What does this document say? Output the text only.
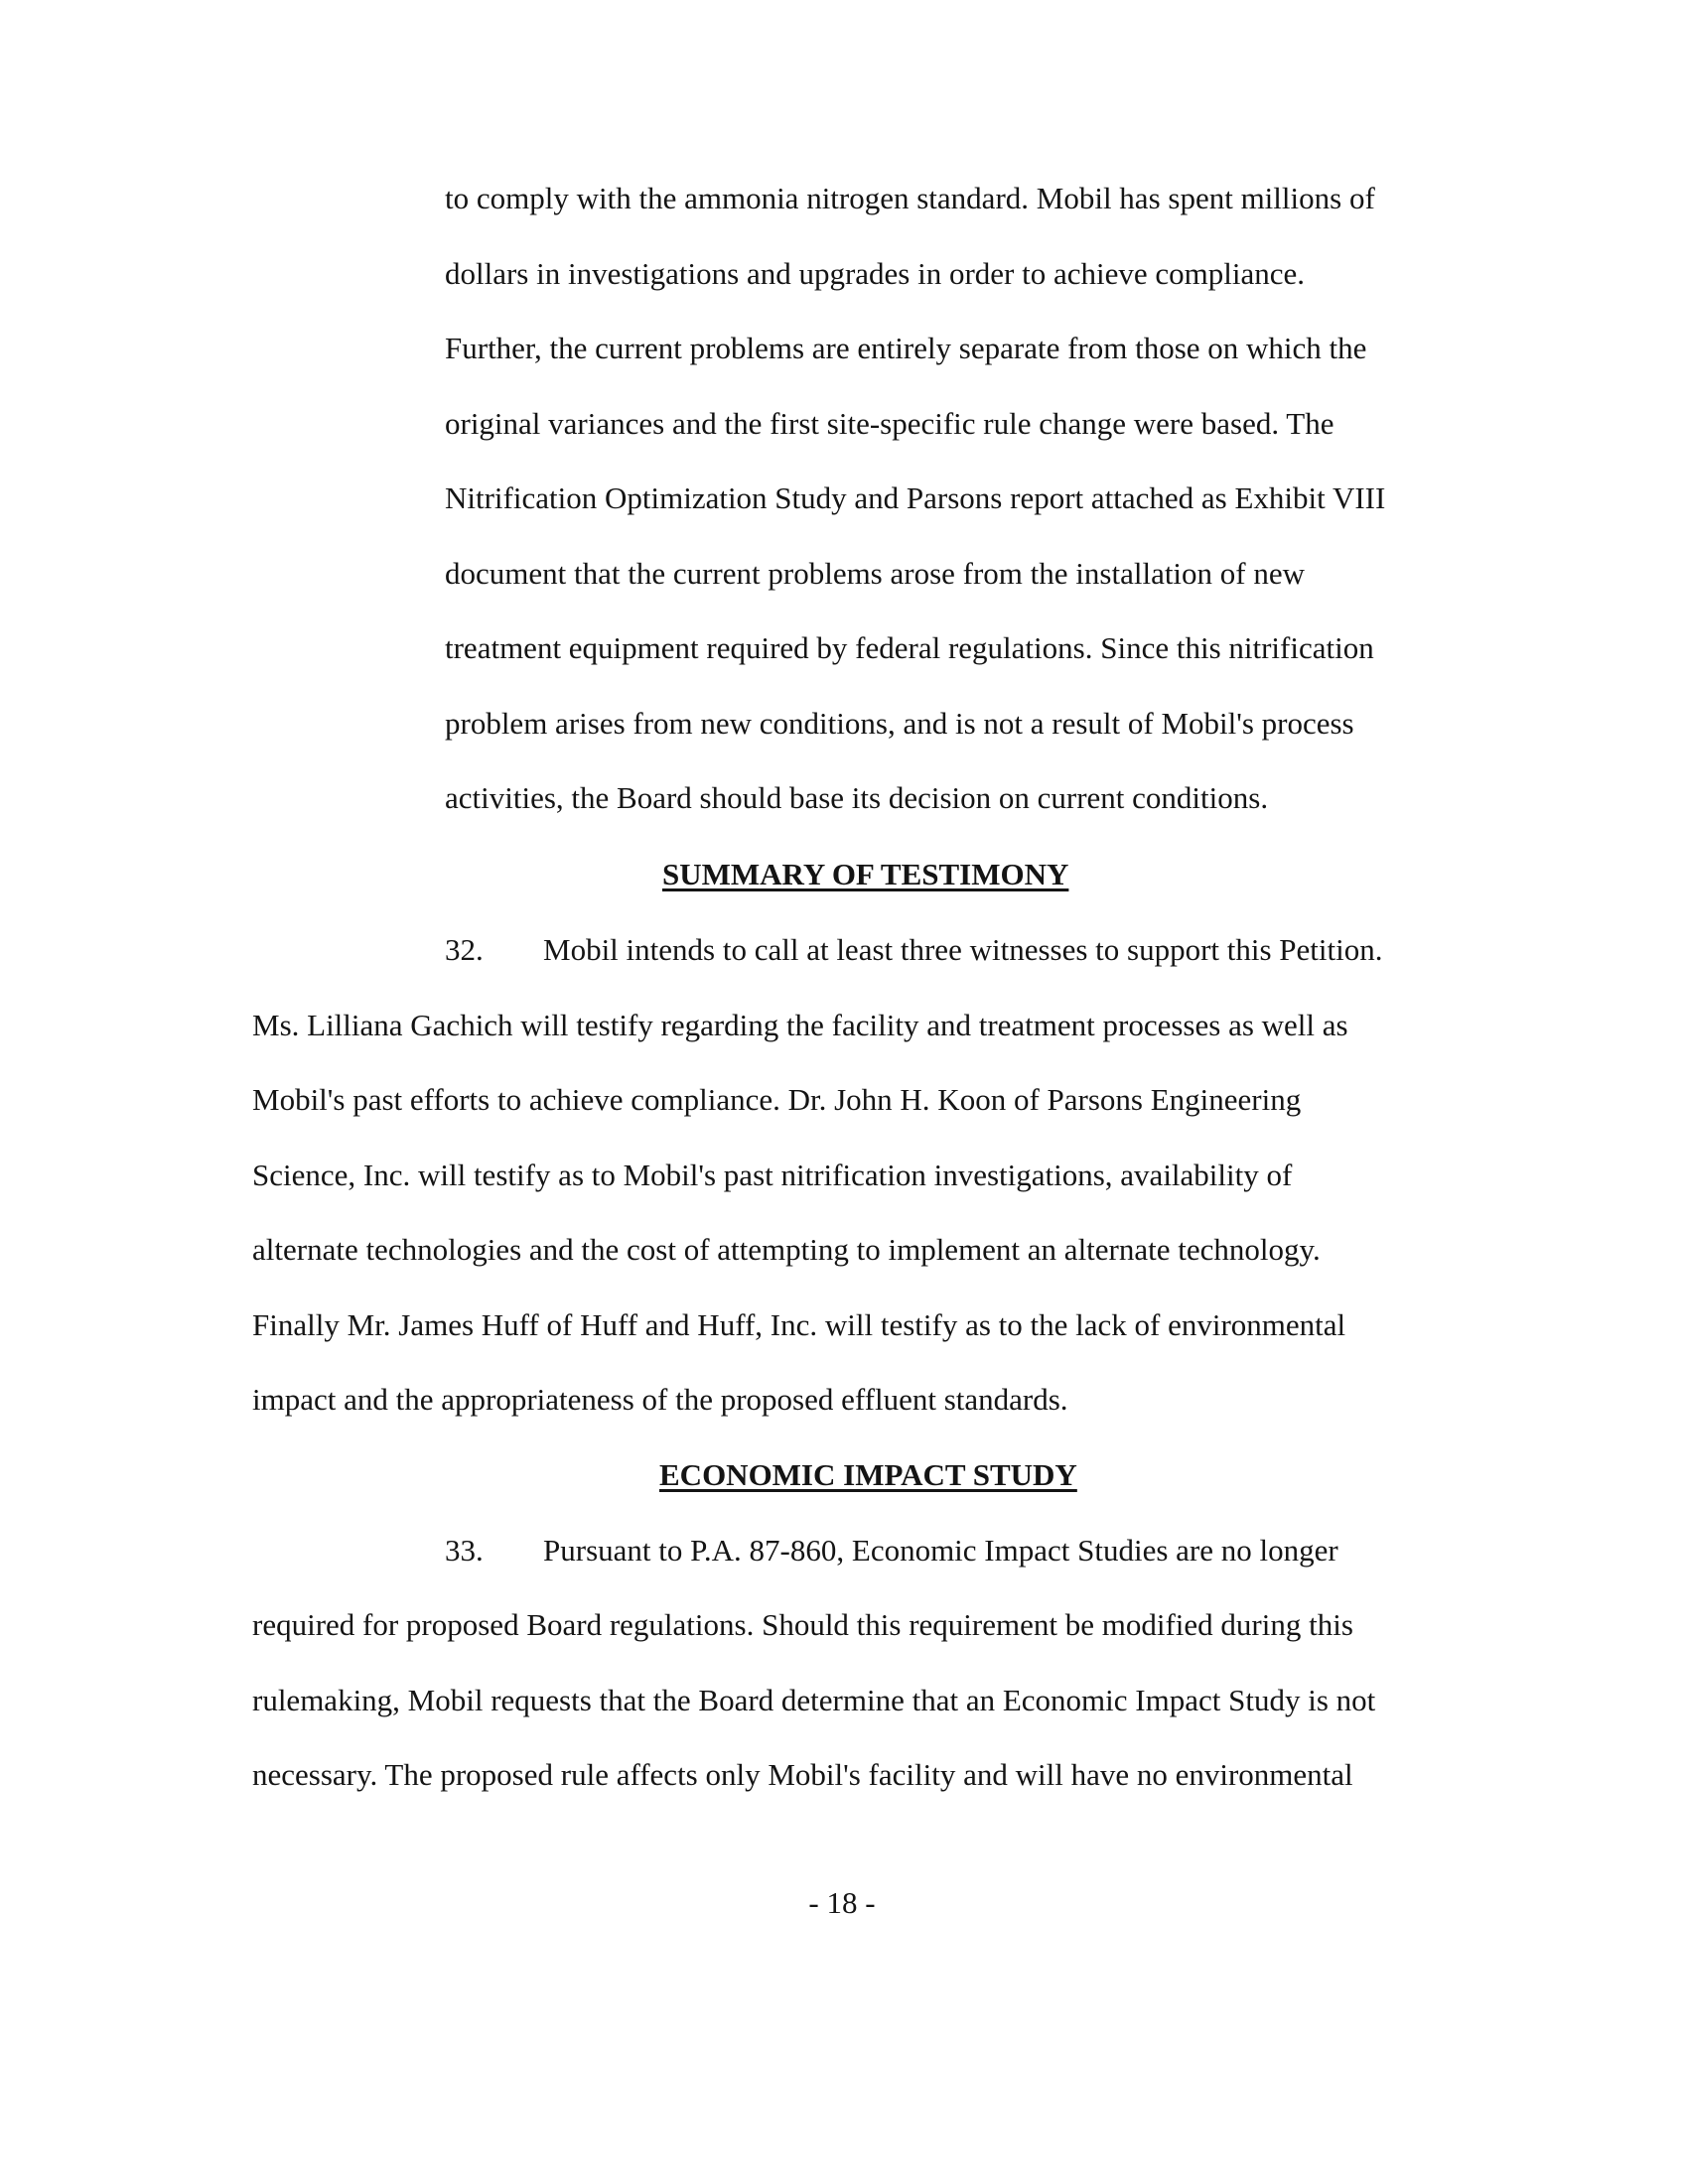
to comply with the ammonia nitrogen standard. Mobil has spent millions of

dollars in investigations and upgrades in order to achieve compliance.

Further, the current problems are entirely separate from those on which the

original variances and the first site-specific rule change were based. The

Nitrification Optimization Study and Parsons report attached as Exhibit VIII

document that the current problems arose from the installation of new

treatment equipment required by federal regulations. Since this nitrification

problem arises from new conditions, and is not a result of Mobil's process

activities, the Board should base its decision on current conditions.

SUMMARY OF TESTIMONY

32. Mobil intends to call at least three witnesses to support this Petition.

Ms. Lilliana Gachich will testify regarding the facility and treatment processes as well as

Mobil's past efforts to achieve compliance. Dr. John H. Koon of Parsons Engineering

Science, Inc. will testify as to Mobil's past nitrification investigations, availability of

alternate technologies and the cost of attempting to implement an alternate technology.

Finally Mr. James Huff of Huff and Huff, Inc. will testify as to the lack of environmental

impact and the appropriateness of the proposed effluent standards.

ECONOMIC IMPACT STUDY

33. Pursuant to P.A. 87-860, Economic Impact Studies are no longer

required for proposed Board regulations. Should this requirement be modified during this

rulemaking, Mobil requests that the Board determine that an Economic Impact Study is not

necessary. The proposed rule affects only Mobil's facility and will have no environmental

- 18 -
